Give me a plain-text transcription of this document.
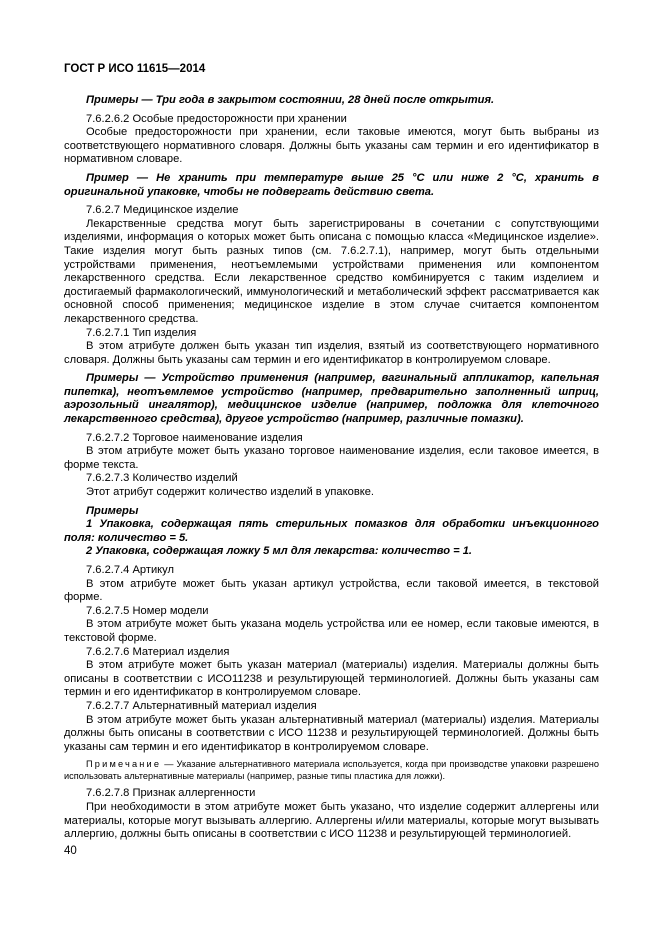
ГОСТ Р ИСО 11615—2014

Примеры — Три года в закрытом состоянии, 28 дней после открытия.

7.6.2.6.2 Особые предосторожности при хранении

Особые предосторожности при хранении, если таковые имеются, могут быть выбраны из соответствующего нормативного словаря. Должны быть указаны сам термин и его идентификатор в нормативном словаре.

Пример — Не хранить при температуре выше 25 °С или ниже 2 °С, хранить в оригинальной упаковке, чтобы не подвергать действию света.

7.6.2.7 Медицинское изделие

Лекарственные средства могут быть зарегистрированы в сочетании с сопутствующими изделиями, информация о которых может быть описана с помощью класса «Медицинское изделие». Такие изделия могут быть разных типов (см. 7.6.2.7.1), например, могут быть отдельными устройствами применения, неотъемлемыми устройствами применения или компонентом лекарственного средства. Если лекарственное средство комбинируется с таким изделием и достигаемый фармакологический, иммунологический и метаболический эффект рассматривается как основной способ применения; медицинское изделие в этом случае считается компонентом лекарственного средства.

7.6.2.7.1 Тип изделия

В этом атрибуте должен быть указан тип изделия, взятый из соответствующего нормативного словаря. Должны быть указаны сам термин и его идентификатор в контролируемом словаре.

Примеры — Устройство применения (например, вагинальный аппликатор, капельная пипетка), неотъемлемое устройство (например, предварительно заполненный шприц, аэрозольный ингалятор), медицинское изделие (например, подложка для клеточного лекарственного средства), другое устройство (например, различные помазки).

7.6.2.7.2 Торговое наименование изделия

В этом атрибуте может быть указано торговое наименование изделия, если таковое имеется, в форме текста.

7.6.2.7.3 Количество изделий

Этот атрибут содержит количество изделий в упаковке.

Примеры

1 Упаковка, содержащая пять стерильных помазков для обработки инъекционного поля: количество = 5.

2 Упаковка, содержащая ложку 5 мл для лекарства: количество = 1.

7.6.2.7.4 Артикул

В этом атрибуте может быть указан артикул устройства, если таковой имеется, в текстовой форме.

7.6.2.7.5 Номер модели

В этом атрибуте может быть указана модель устройства или ее номер, если таковые имеются, в текстовой форме.

7.6.2.7.6 Материал изделия

В этом атрибуте может быть указан материал (материалы) изделия. Материалы должны быть описаны в соответствии с ИСО11238 и результирующей терминологией. Должны быть указаны сам термин и его идентификатор в контролируемом словаре.

7.6.2.7.7 Альтернативный материал изделия

В этом атрибуте может быть указан альтернативный материал (материалы) изделия. Материалы должны быть описаны в соответствии с ИСО 11238 и результирующей терминологией. Должны быть указаны сам термин и его идентификатор в контролируемом словаре.

Примечание — Указание альтернативного материала используется, когда при производстве упаковки разрешено использовать альтернативные материалы (например, разные типы пластика для ложки).

7.6.2.7.8 Признак аллергенности

При необходимости в этом атрибуте может быть указано, что изделие содержит аллергены или материалы, которые могут вызывать аллергию. Аллергены и/или материалы, которые могут вызывать аллергию, должны быть описаны в соответствии с ИСО 11238 и результирующей терминологией.

40
